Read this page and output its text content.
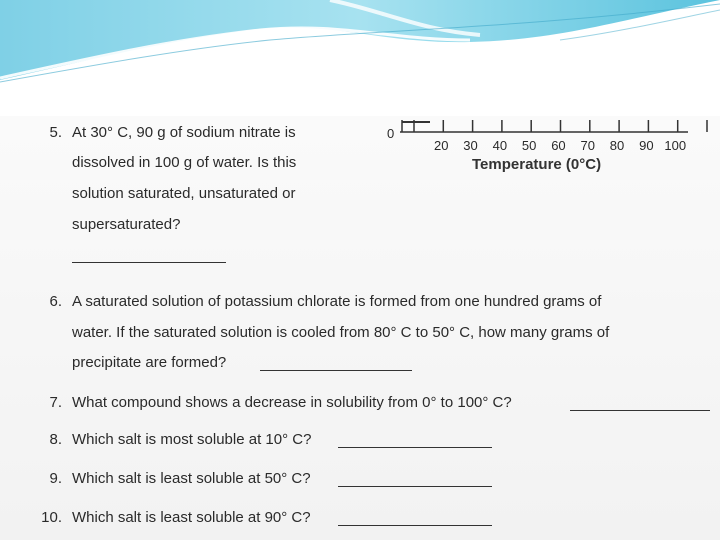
0
20 30 40 50 60 70 80 90 100
Temperature (0°C)
5. At 30° C, 90 g of sodium nitrate is
dissolved in 100 g of water. Is this
solution saturated, unsaturated or
supersaturated?
6. A saturated solution of potassium chlorate is formed from one hundred grams of
water. If the saturated solution is cooled from 80° C to 50° C, how many grams of
precipitate are formed?
7. What compound shows a decrease in solubility from 0° to 100° C?
8. Which salt is most soluble at 10° C?
9. Which salt is least soluble at 50° C?
10. Which salt is least soluble at 90° C?
